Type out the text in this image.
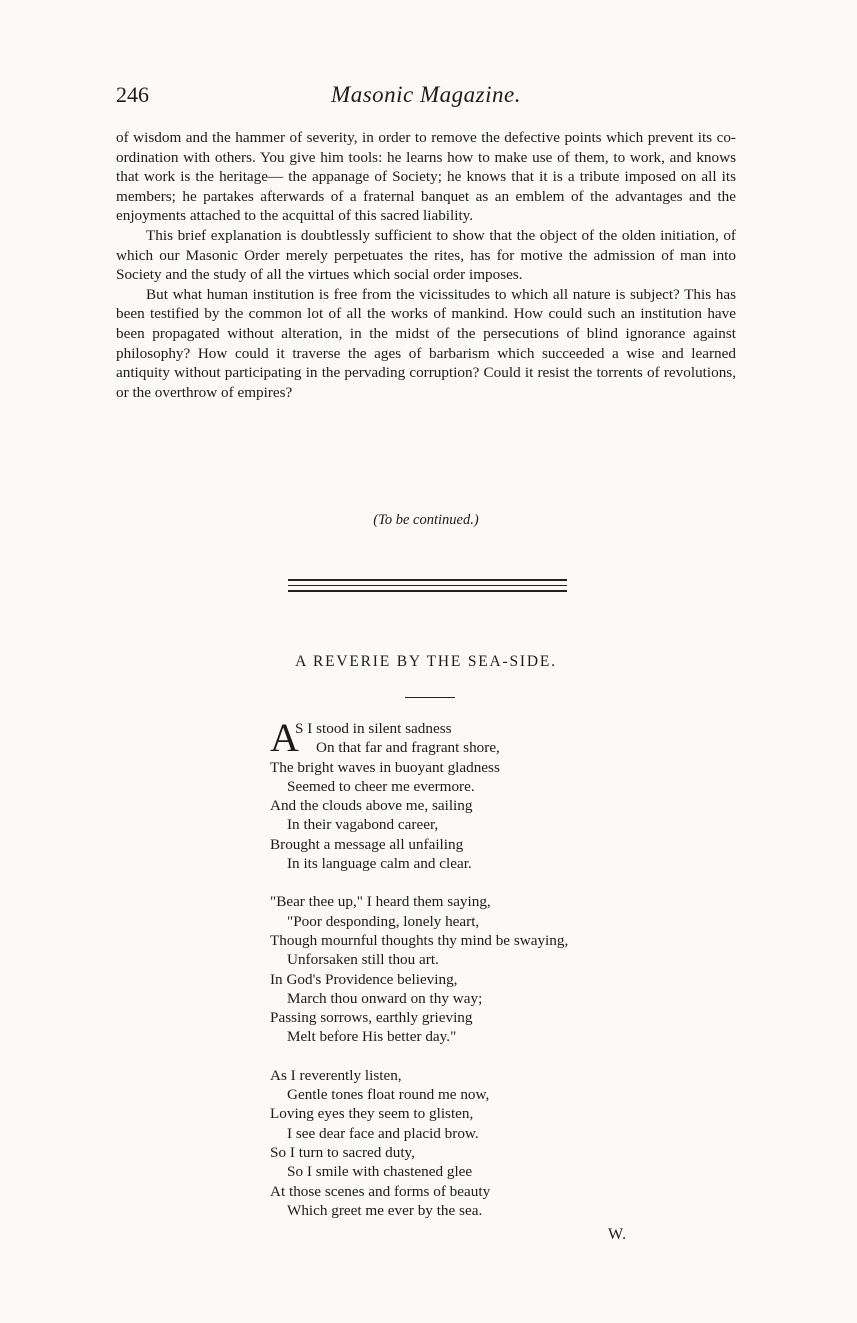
246	Masonic Magazine.

of wisdom and the hammer of severity, in order to remove the defective points which prevent its co-ordination with others. You give him tools: he learns how to make use of them, to work, and knows that work is the heritage— the appanage of Society; he knows that it is a tribute imposed on all its members; he partakes afterwards of a fraternal banquet as an emblem of the advantages and the enjoyments attached to the acquittal of this sacred liability.

This brief explanation is doubtlessly sufficient to show that the object of the olden initiation, of which our Masonic Order merely perpetuates the rites, has for motive the admission of man into Society and the study of all the virtues which social order imposes.

But what human institution is free from the vicissitudes to which all nature is subject? This has been testified by the common lot of all the works of mankind. How could such an institution have been propagated without alteration, in the midst of the persecutions of blind ignorance against philosophy? How could it traverse the ages of barbarism which succeeded a wise and learned antiquity without participating in the pervading corruption? Could it resist the torrents of revolutions, or the overthrow of empires?

(To be continued.)
A REVERIE BY THE SEA-SIDE.
A
S I stood in silent sadness
On that far and fragrant shore,
The bright waves in buoyant gladness
Seemed to cheer me evermore.
And the clouds above me, sailing
In their vagabond career,
Brought a message all unfailing
In its language calm and clear.
"Bear thee up," I heard them saying,
"Poor desponding, lonely heart,
Though mournful thoughts thy mind be swaying,
Unforsaken still thou art.
In God's Providence believing,
March thou onward on thy way;
Passing sorrows, earthly grieving
Melt before His better day."
As I reverently listen,
Gentle tones float round me now,
Loving eyes they seem to glisten,
I see dear face and placid brow.
So I turn to sacred duty,
So I smile with chastened glee
At those scenes and forms of beauty
Which greet me ever by the sea.
W.
